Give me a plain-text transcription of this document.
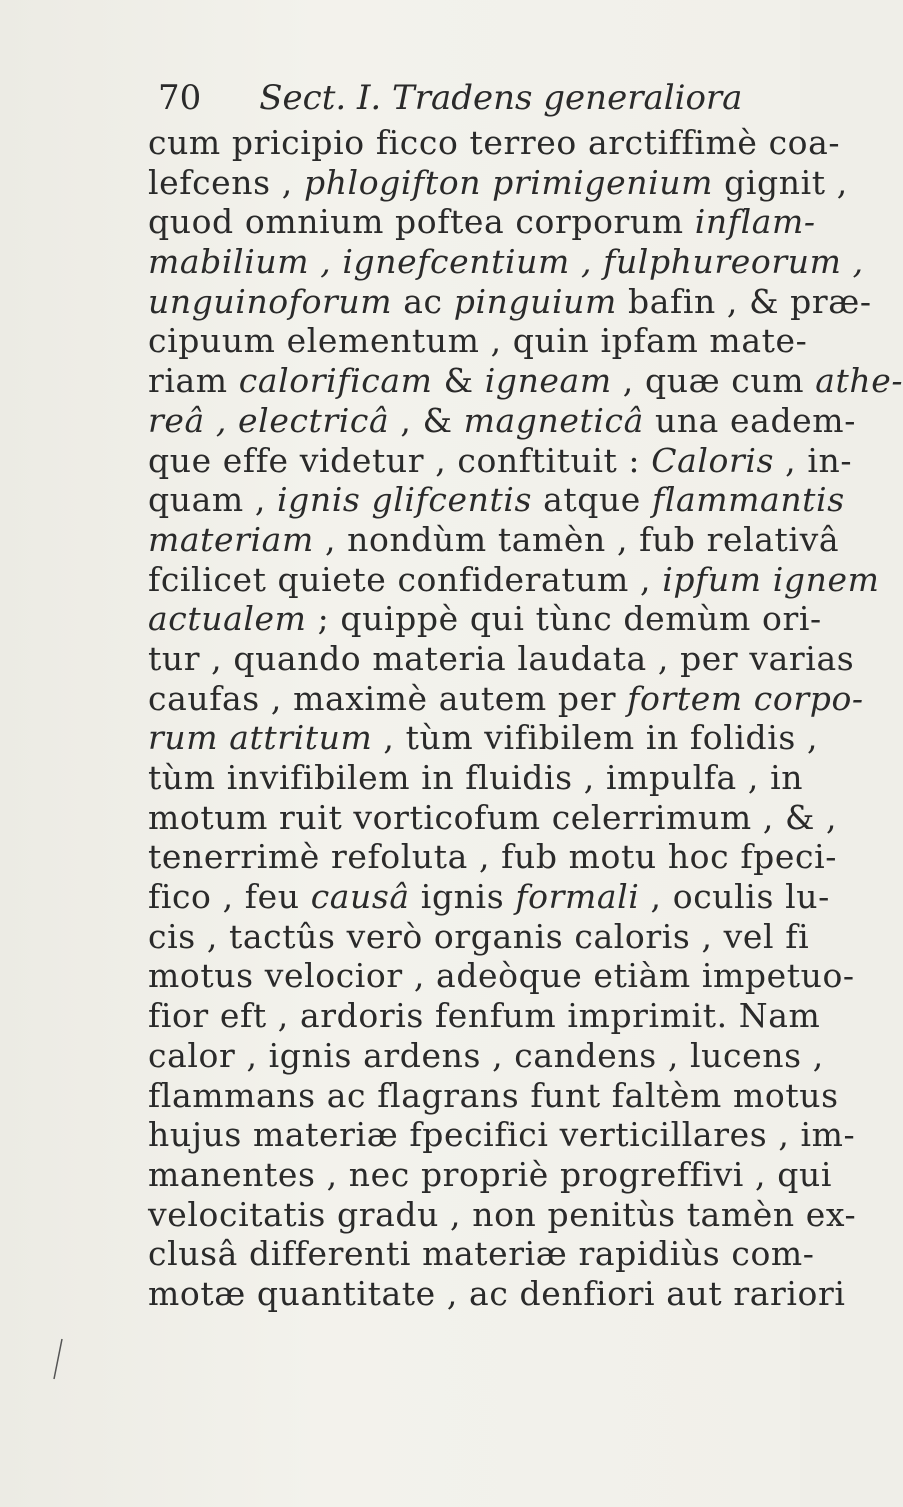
70 Sect. I. Tradens generaliora
cum pricipio ficco terreo arctiffimè coa-
lefcens , phlogifton primigenium gignit ,
quod omnium poftea corporum inflam-
mabilium , ignefcentium , fulphureorum ,
unguinoforum ac pinguium bafin , & præ-
cipuum elementum , quin ipfam mate-
riam calorificam & igneam , quæ cum athe-
reâ , electricâ , & magneticâ una eadem-
que effe videtur , conftituit : Caloris , in-
quam , ignis glifcentis atque flammantis
materiam , nondùm tamèn , fub relativâ
fcilicet quiete confideratum , ipfum ignem
actualem ; quippè qui tùnc demùm ori-
tur , quando materia laudata , per varias
caufas , maximè autem per fortem corpo-
rum attritum , tùm vifibilem in folidis ,
tùm invifibilem in fluidis , impulfa , in
motum ruit vorticofum celerrimum , & ,
tenerrimè refoluta , fub motu hoc fpeci-
fico , feu causâ ignis formali , oculis lu-
cis , tactûs verò organis caloris , vel fi
motus velocior , adeòque etiàm impetuo-
fior eft , ardoris fenfum imprimit. Nam
calor , ignis ardens , candens , lucens ,
flammans ac flagrans funt faltèm motus
hujus materiæ fpecifici verticillares , im-
manentes , nec propriè progreffivi , qui
velocitatis gradu , non penitùs tamèn ex-
clusâ differenti materiæ rapidiùs com-
motæ quantitate , ac denfiori aut rariori
